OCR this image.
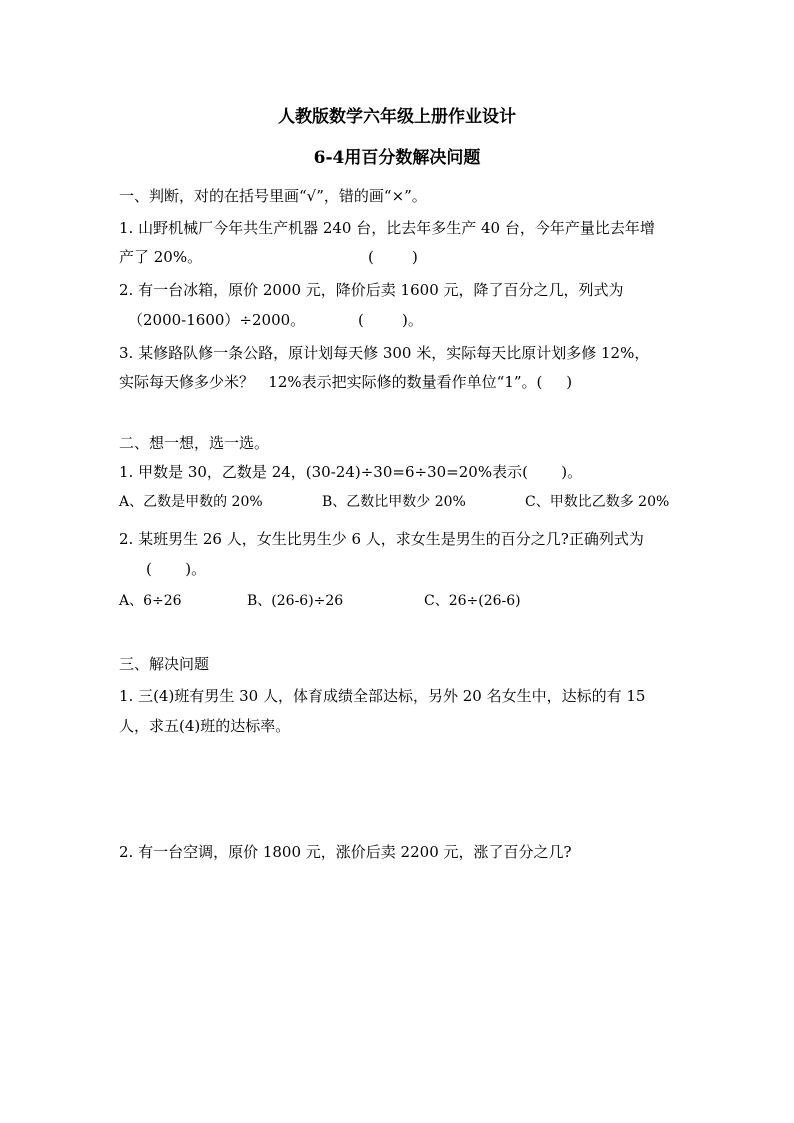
人教版数学六年级上册作业设计
6-4用百分数解决问题
一、判断，对的在括号里画“√”，错的画“×”。
1. 山野机械厂今年共生产机器 240 台，比去年多生产 40 台，今年产量比去年增
产了 20%。	(        )
2. 有一台冰箱，原价 2000 元，降价后卖 1600 元，降了百分之几，列式为
（2000-1600）÷2000。	(        )。
3. 某修路队修一条公路，原计划每天修 300 米，实际每天比原计划多修 12%，
实际每天修多少米？   12%表示把实际修的数量看作单位“1”。(     )
二、想一想，选一选。
1. 甲数是 30，乙数是 24，(30-24)÷30=6÷30=20%表示(       )。
A、乙数是甲数的 20%	B、乙数比甲数少 20%	C、甲数比乙数多 20%
2. 某班男生 26 人，女生比男生少 6 人，求女生是男生的百分之几?正确列式为
(       )。
A、6÷26	B、(26-6)÷26	C、26÷(26-6)
三、解决问题
1. 三(4)班有男生 30 人，体育成绩全部达标，另外 20 名女生中，达标的有 15
人，求五(4)班的达标率。
2. 有一台空调，原价 1800 元，涨价后卖 2200 元，涨了百分之几?
